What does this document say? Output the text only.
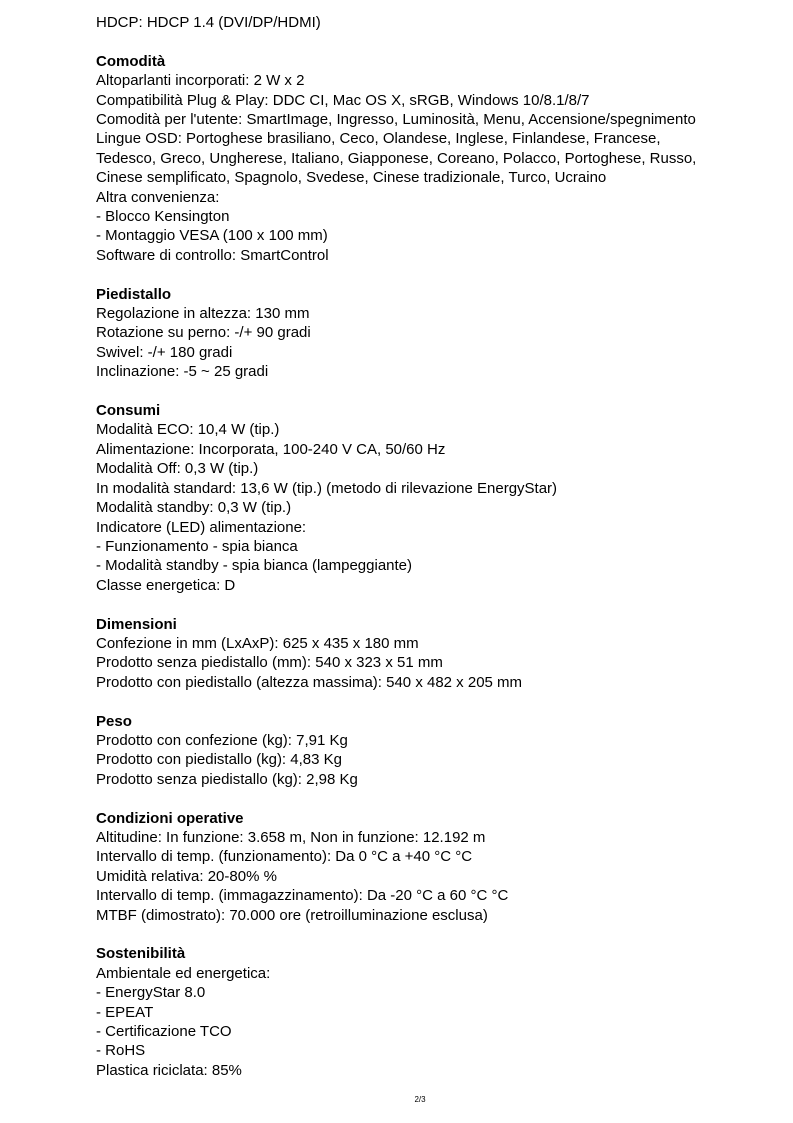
HDCP: HDCP 1.4 (DVI/DP/HDMI)
Comodità
Altoparlanti incorporati: 2 W x 2
Compatibilità Plug & Play: DDC CI, Mac OS X, sRGB, Windows 10/8.1/8/7
Comodità per l'utente: SmartImage, Ingresso, Luminosità, Menu, Accensione/spegnimento
Lingue OSD: Portoghese brasiliano, Ceco, Olandese, Inglese, Finlandese, Francese,
Tedesco, Greco, Ungherese, Italiano, Giapponese, Coreano, Polacco, Portoghese, Russo,
Cinese semplificato, Spagnolo, Svedese, Cinese tradizionale, Turco, Ucraino
Altra convenienza:
- Blocco Kensington
- Montaggio VESA (100 x 100 mm)
Software di controllo: SmartControl
Piedistallo
Regolazione in altezza: 130 mm
Rotazione su perno: -/+ 90 gradi
Swivel: -/+ 180 gradi
Inclinazione: -5 ~ 25 gradi
Consumi
Modalità ECO: 10,4 W (tip.)
Alimentazione: Incorporata, 100-240 V CA, 50/60 Hz
Modalità Off: 0,3 W (tip.)
In modalità standard: 13,6 W (tip.) (metodo di rilevazione EnergyStar)
Modalità standby: 0,3 W (tip.)
Indicatore (LED) alimentazione:
- Funzionamento - spia bianca
- Modalità standby - spia bianca (lampeggiante)
Classe energetica: D
Dimensioni
Confezione in mm (LxAxP): 625 x 435 x 180 mm
Prodotto senza piedistallo (mm): 540 x 323 x 51 mm
Prodotto con piedistallo (altezza massima): 540 x 482 x 205 mm
Peso
Prodotto con confezione (kg): 7,91 Kg
Prodotto con piedistallo (kg): 4,83 Kg
Prodotto senza piedistallo (kg): 2,98 Kg
Condizioni operative
Altitudine: In funzione: 3.658 m, Non in funzione: 12.192 m
Intervallo di temp. (funzionamento): Da 0 °C a +40 °C °C
Umidità relativa: 20-80% %
Intervallo di temp. (immagazzinamento): Da -20 °C a 60 °C °C
MTBF (dimostrato): 70.000 ore (retroilluminazione esclusa)
Sostenibilità
Ambientale ed energetica:
- EnergyStar 8.0
- EPEAT
- Certificazione TCO
- RoHS
Plastica riciclata: 85%
2/3
